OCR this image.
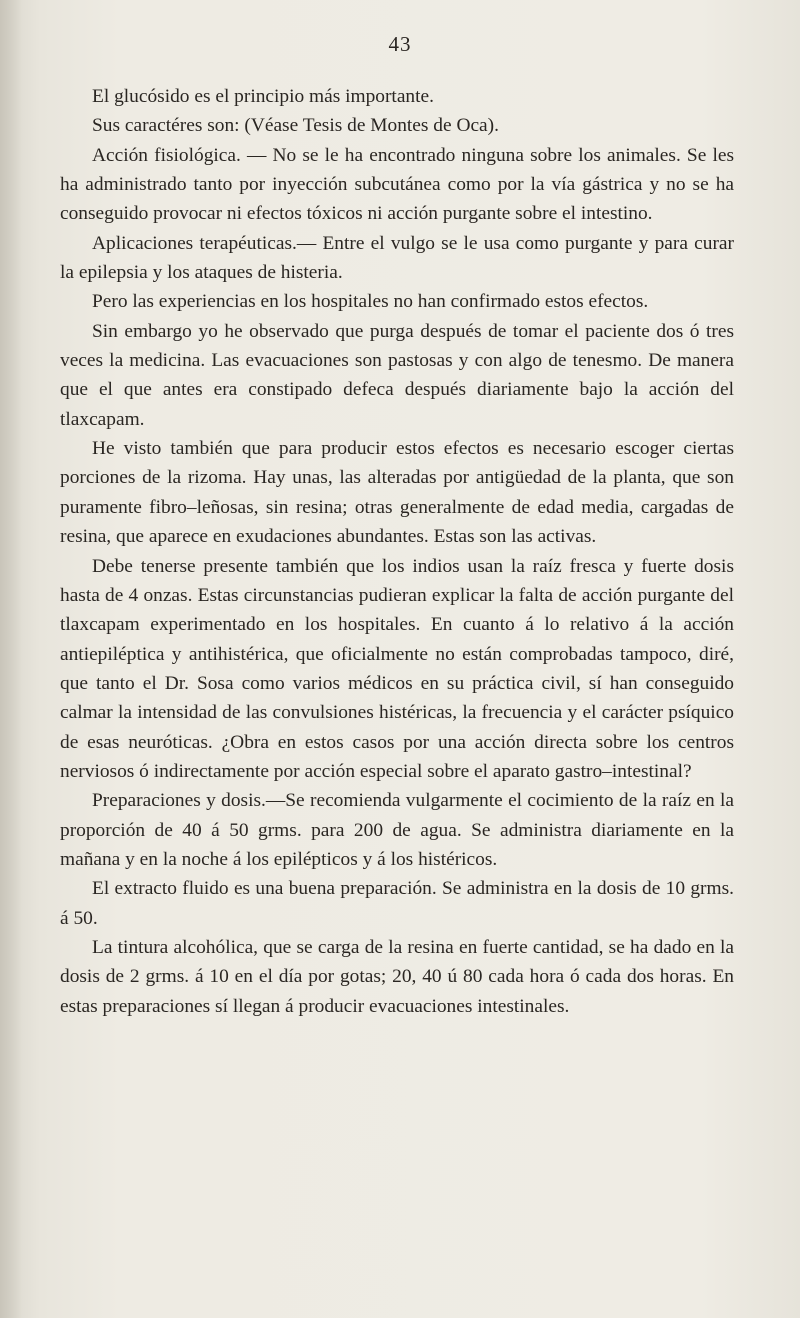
43

El glucósido es el principio más importante.

Sus caractéres son: (Véase Tesis de Montes de Oca).

Acción fisiológica. — No se le ha encontrado ninguna sobre los animales. Se les ha administrado tanto por inyección subcutánea como por la vía gástrica y no se ha conseguido provocar ni efectos tóxicos ni acción purgante sobre el intestino.

Aplicaciones terapéuticas.— Entre el vulgo se le usa como purgante y para curar la epilepsia y los ataques de histeria.

Pero las experiencias en los hospitales no han confirmado estos efectos.

Sin embargo yo he observado que purga después de tomar el paciente dos ó tres veces la medicina. Las evacuaciones son pastosas y con algo de tenesmo. De manera que el que antes era constipado defeca después diariamente bajo la acción del tlaxcapam.

He visto también que para producir estos efectos es necesario escoger ciertas porciones de la rizoma. Hay unas, las alteradas por antigüedad de la planta, que son puramente fibro–leñosas, sin resina; otras generalmente de edad media, cargadas de resina, que aparece en exudaciones abundantes. Estas son las activas.

Debe tenerse presente también que los indios usan la raíz fresca y fuerte dosis hasta de 4 onzas. Estas circunstancias pudieran explicar la falta de acción purgante del tlaxcapam experimentado en los hospitales. En cuanto á lo relativo á la acción antiepiléptica y antihistérica, que oficialmente no están comprobadas tampoco, diré, que tanto el Dr. Sosa como varios médicos en su práctica civil, sí han conseguido calmar la intensidad de las convulsiones histéricas, la frecuencia y el carácter psíquico de esas neuróticas. ¿Obra en estos casos por una acción directa sobre los centros nerviosos ó indirectamente por acción especial sobre el aparato gastro–intestinal?

Preparaciones y dosis.—Se recomienda vulgarmente el cocimiento de la raíz en la proporción de 40 á 50 grms. para 200 de agua. Se administra diariamente en la mañana y en la noche á los epilépticos y á los histéricos.

El extracto fluido es una buena preparación. Se administra en la dosis de 10 grms. á 50.

La tintura alcohólica, que se carga de la resina en fuerte cantidad, se ha dado en la dosis de 2 grms. á 10 en el día por gotas; 20, 40 ú 80 cada hora ó cada dos horas. En estas preparaciones sí llegan á producir evacuaciones intestinales.
